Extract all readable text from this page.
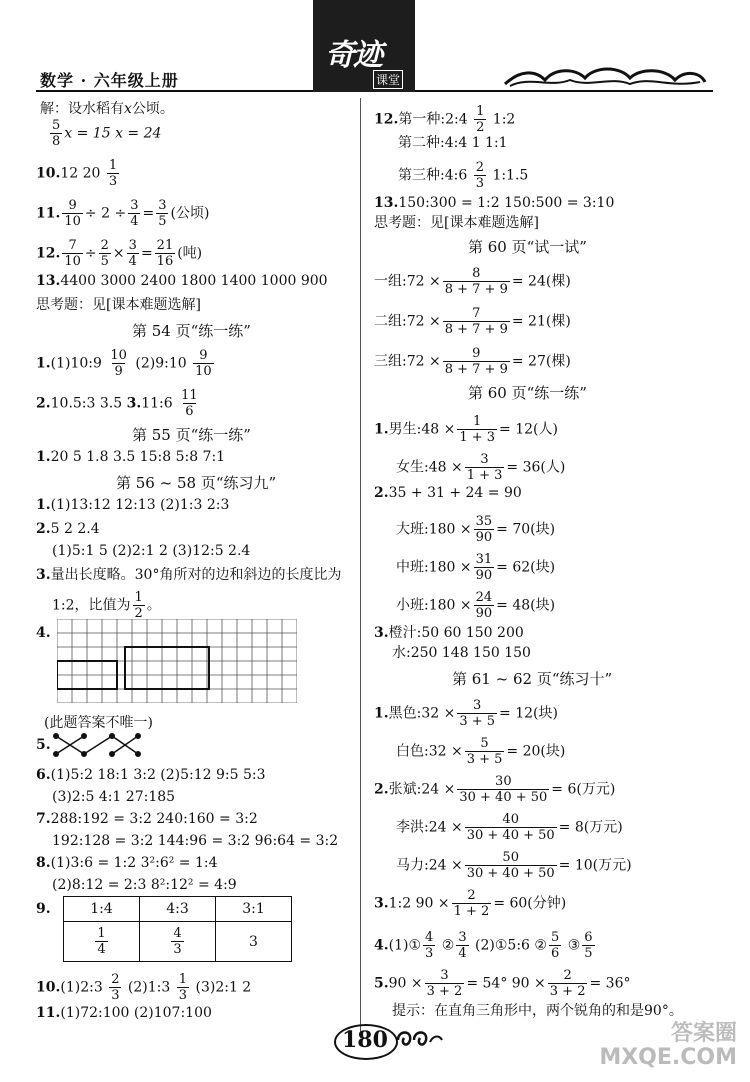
奇迹
课堂
数学 · 六年级上册
解：设水稻有x公顷。
$\frac{5}{8}$ x = 15 x = 24
10.12 $20 \frac{1}{3}$
11. $\frac{9}{10} \div 2 \div \frac{3}{4} = \frac{3}{5}$ (公顷)
12. $\frac{7}{10} \div \frac{2}{5} \times \frac{3}{4} = \frac{21}{16}$ (吨)
13.4400 3000 2400 1800 1400 1000 900
思考题：见[课本难题选解]
第 54 页“练一练”
1.(1)10:9 $\frac{10}{9}$ (2)9:10 $\frac{9}{10}$
2.10.5:3 3.5 3.11:6 $\frac{11}{6}$
第 55 页“练一练”
1.20 5 1.8 3.5 15:8 5:8 7:1
第 56 ~ 58 页“练习九”
1.(1)13:12 12:13 (2)1:3 2:3
2.5 2 2.4
(1)5:1 5 (2)2:1 2 (3)12:5 2.4
3.量出长度略。30°角所对的边和斜边的长度比为
1:2，比值为 $\frac{1}{2}$ 。
4.
(此题答案不唯一)
5.
6.(1)5:2 18:1 3:2 (2)5:12 9:5 5:3
(3)2:5 4:1 27:185
7.288:192 = 3:2 240:160 = 3:2
192:128 = 3:2 144:96 = 3:2 96:64 = 3:2
8.(1)3:6 = 1:2 3²:6² = 1:4
(2)8:12 = 2:3 8²:12² = 4:9
9.	1:4	4:3	3:1

$\frac{1}{4}$	$\frac{4}{3}$	3
10.(1)2:3 $\frac{2}{3}$ (2)1:3 $\frac{1}{3}$ (3)2:1 2
11.(1)72:100 (2)107:100
12.第一种:2:4 $\frac{1}{2}$ 1:2
第二种:4:4 1 1:1
第三种:4:6 $\frac{2}{3}$ 1:1.5
13.150:300 = 1:2 150:500 = 3:10
思考题：见[课本难题选解]
第 60 页“试一试”
一组:72 × $\frac{8}{8 + 7 + 9} = 24$(棵)
二组:72 × $\frac{7}{8 + 7 + 9} = 21$(棵)
三组:72 × $\frac{9}{8 + 7 + 9} = 27$(棵)
第 60 页“练一练”
1.男生:48 × $\frac{1}{1 + 3} = 12$(人)
女生:48 × $\frac{3}{1 + 3} = 36$(人)
2.35 + 31 + 24 = 90
大班:180 × $\frac{35}{90} = 70$(块)
中班:180 × $\frac{31}{90} = 62$(块)
小班:180 × $\frac{24}{90} = 48$(块)
3.橙汁:50 60 150 200
水:250 148 150 150
第 61 ~ 62 页“练习十”
1.黑色:32 × $\frac{3}{3 + 5} = 12$(块)
白色:32 × $\frac{5}{3 + 5} = 20$(块)
2.张斌:24 × $\frac{30}{30 + 40 + 50} = 6$(万元)
李洪:24 × $\frac{40}{30 + 40 + 50} = 8$(万元)
马力:24 × $\frac{50}{30 + 40 + 50} = 10$(万元)
3.1:2 $90 \times \frac{2}{1 + 2} = 60$(分钟)
4.(1)① $\frac{4}{3}$ ② $\frac{3}{4}$ (2)①5:6 ② $\frac{5}{6}$ ③ $\frac{6}{5}$
$5.90 \times \frac{3}{3 + 2} = 54^\circ$ $90 \times \frac{2}{3 + 2} = 36^\circ$
提示：在直角三角形中，两个锐角的和是90°。
180	答案圈
MXQE.COM
